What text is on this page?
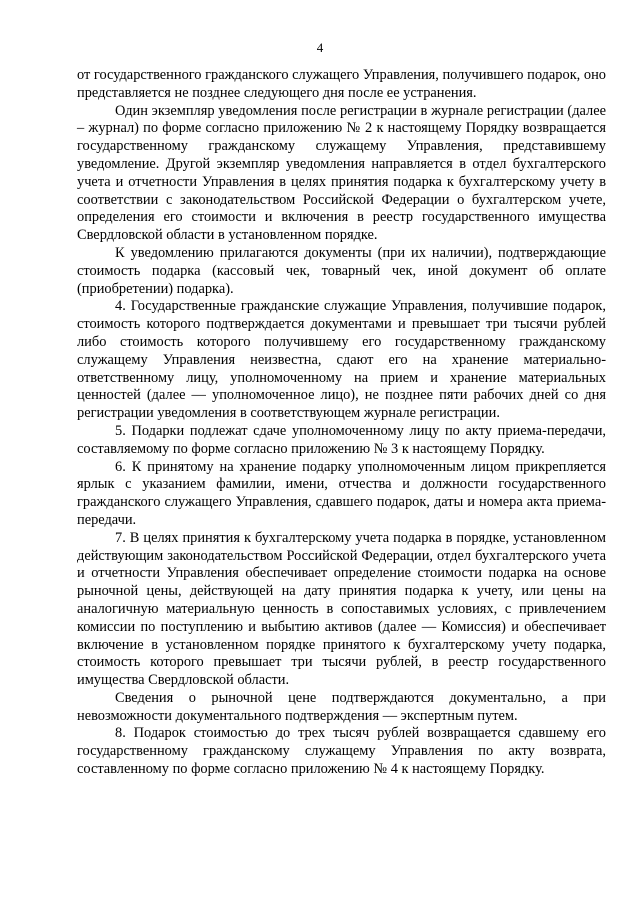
4

от государственного гражданского служащего Управления, получившего подарок, оно представляется не позднее следующего дня после ее устранения.

Один экземпляр уведомления после регистрации в журнале регистрации (далее – журнал) по форме согласно приложению № 2 к настоящему Порядку возвращается государственному гражданскому служащему Управления, представившему уведомление. Другой экземпляр уведомления направляется в отдел бухгалтерского учета и отчетности Управления в целях принятия подарка к бухгалтерскому учету в соответствии с законодательством Российской Федерации о бухгалтерском учете, определения его стоимости и включения в реестр государственного имущества Свердловской области в установленном порядке.

К уведомлению прилагаются документы (при их наличии), подтверждающие стоимость подарка (кассовый чек, товарный чек, иной документ об оплате (приобретении) подарка).

4. Государственные гражданские служащие Управления, получившие подарок, стоимость которого подтверждается документами и превышает три тысячи рублей либо стоимость которого получившему его государственному гражданскому служащему Управления неизвестна, сдают его на хранение материально-ответственному лицу, уполномоченному на прием и хранение материальных ценностей (далее — уполномоченное лицо), не позднее пяти рабочих дней со дня регистрации уведомления в соответствующем журнале регистрации.

5. Подарки подлежат сдаче уполномоченному лицу по акту приема-передачи, составляемому по форме согласно приложению № 3 к настоящему Порядку.

6. К принятому на хранение подарку уполномоченным лицом прикрепляется ярлык с указанием фамилии, имени, отчества и должности государственного гражданского служащего Управления, сдавшего подарок, даты и номера акта приема-передачи.

7. В целях принятия к бухгалтерскому учета подарка в порядке, установленном действующим законодательством Российской Федерации, отдел бухгалтерского учета и отчетности Управления обеспечивает определение стоимости подарка на основе рыночной цены, действующей на дату принятия подарка к учету, или цены на аналогичную материальную ценность в сопоставимых условиях, с привлечением комиссии по поступлению и выбытию активов (далее — Комиссия) и обеспечивает включение в установленном порядке принятого к бухгалтерскому учету подарка, стоимость которого превышает три тысячи рублей, в реестр государственного имущества Свердловской области.

Сведения о рыночной цене подтверждаются документально, а при невозможности документального подтверждения — экспертным путем.

8. Подарок стоимостью до трех тысяч рублей возвращается сдавшему его государственному гражданскому служащему Управления по акту возврата, составленному по форме согласно приложению № 4 к настоящему Порядку.
